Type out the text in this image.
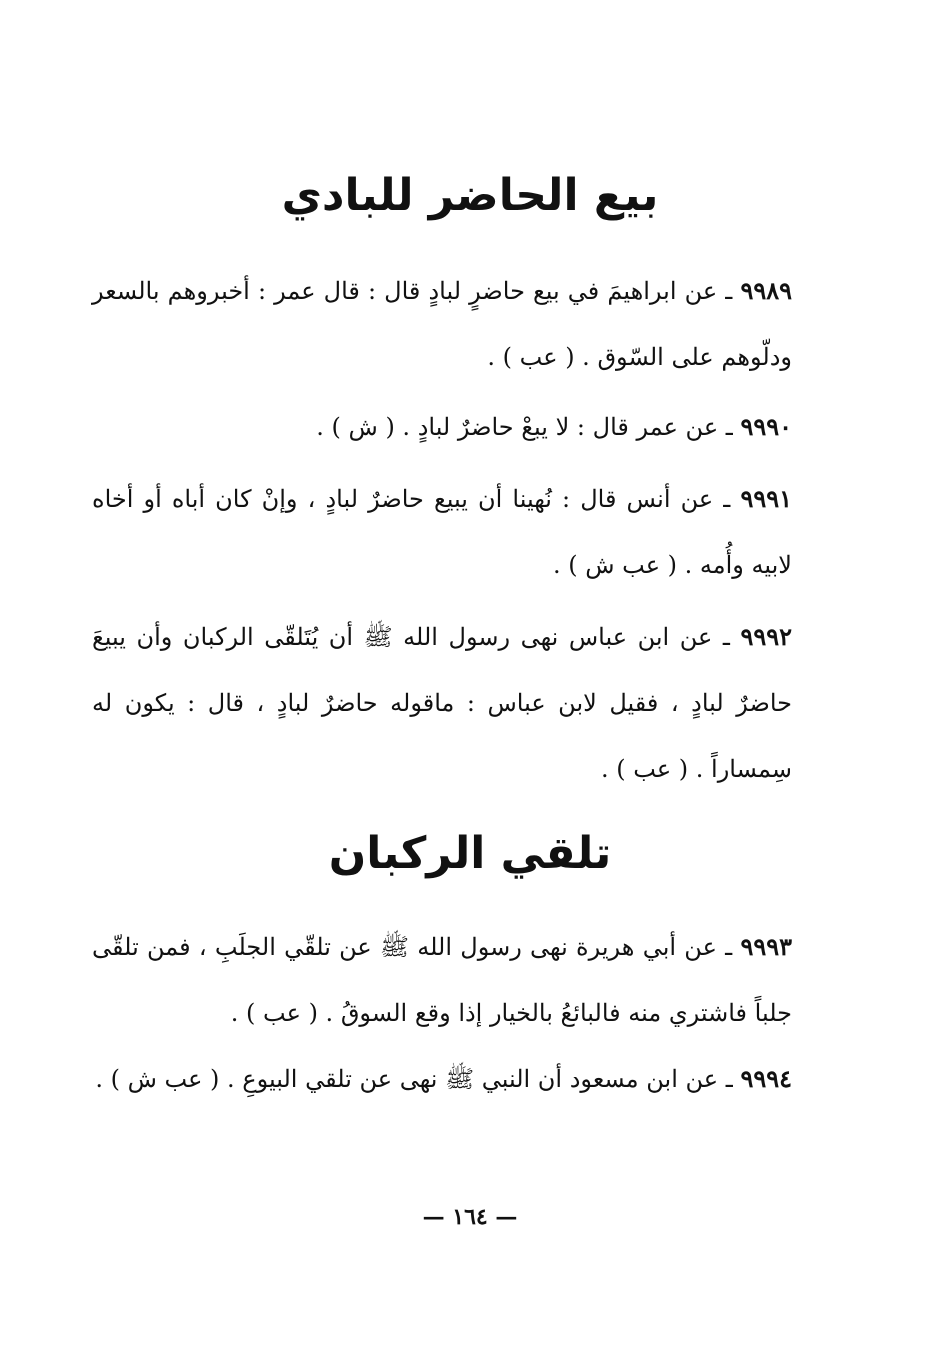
بيع الحاضر للبادي
٩٩٨٩ ـ عن ابراهيمَ في بيع حاضرٍ لبادٍ قال : قال عمر : أخبروهم بالسعر ودلّوهم على السّوق . ( عب ) .
٩٩٩٠ ـ عن عمر قال : لا يبعْ حاضرٌ لبادٍ . ( ش ) .
٩٩٩١ ـ عن أنس قال : نُهينا أن يبيع حاضرٌ لبادٍ ، وإنْ كان أباه أو أخاه لابيه وأُمه . ( عب ش ) .
٩٩٩٢ ـ عن ابن عباس نهى رسول الله ﷺ أن يُتَلقّى الركبان وأن يبيعَ حاضرٌ لبادٍ ، فقيل لابن عباس : ماقوله حاضرٌ لبادٍ ، قال : يكون له سِمساراً . ( عب ) .
تلقي الركبان
٩٩٩٣ ـ عن أبي هريرة نهى رسول الله ﷺ عن تلقّي الجلَبِ ، فمن تلقّى جلباً فاشتري منه فالبائعُ بالخيار إذا وقع السوقُ . ( عب ) .
٩٩٩٤ ـ عن ابن مسعود أن النبي ﷺ نهى عن تلقي البيوعِ . ( عب ش ) .
— ١٦٤ —
